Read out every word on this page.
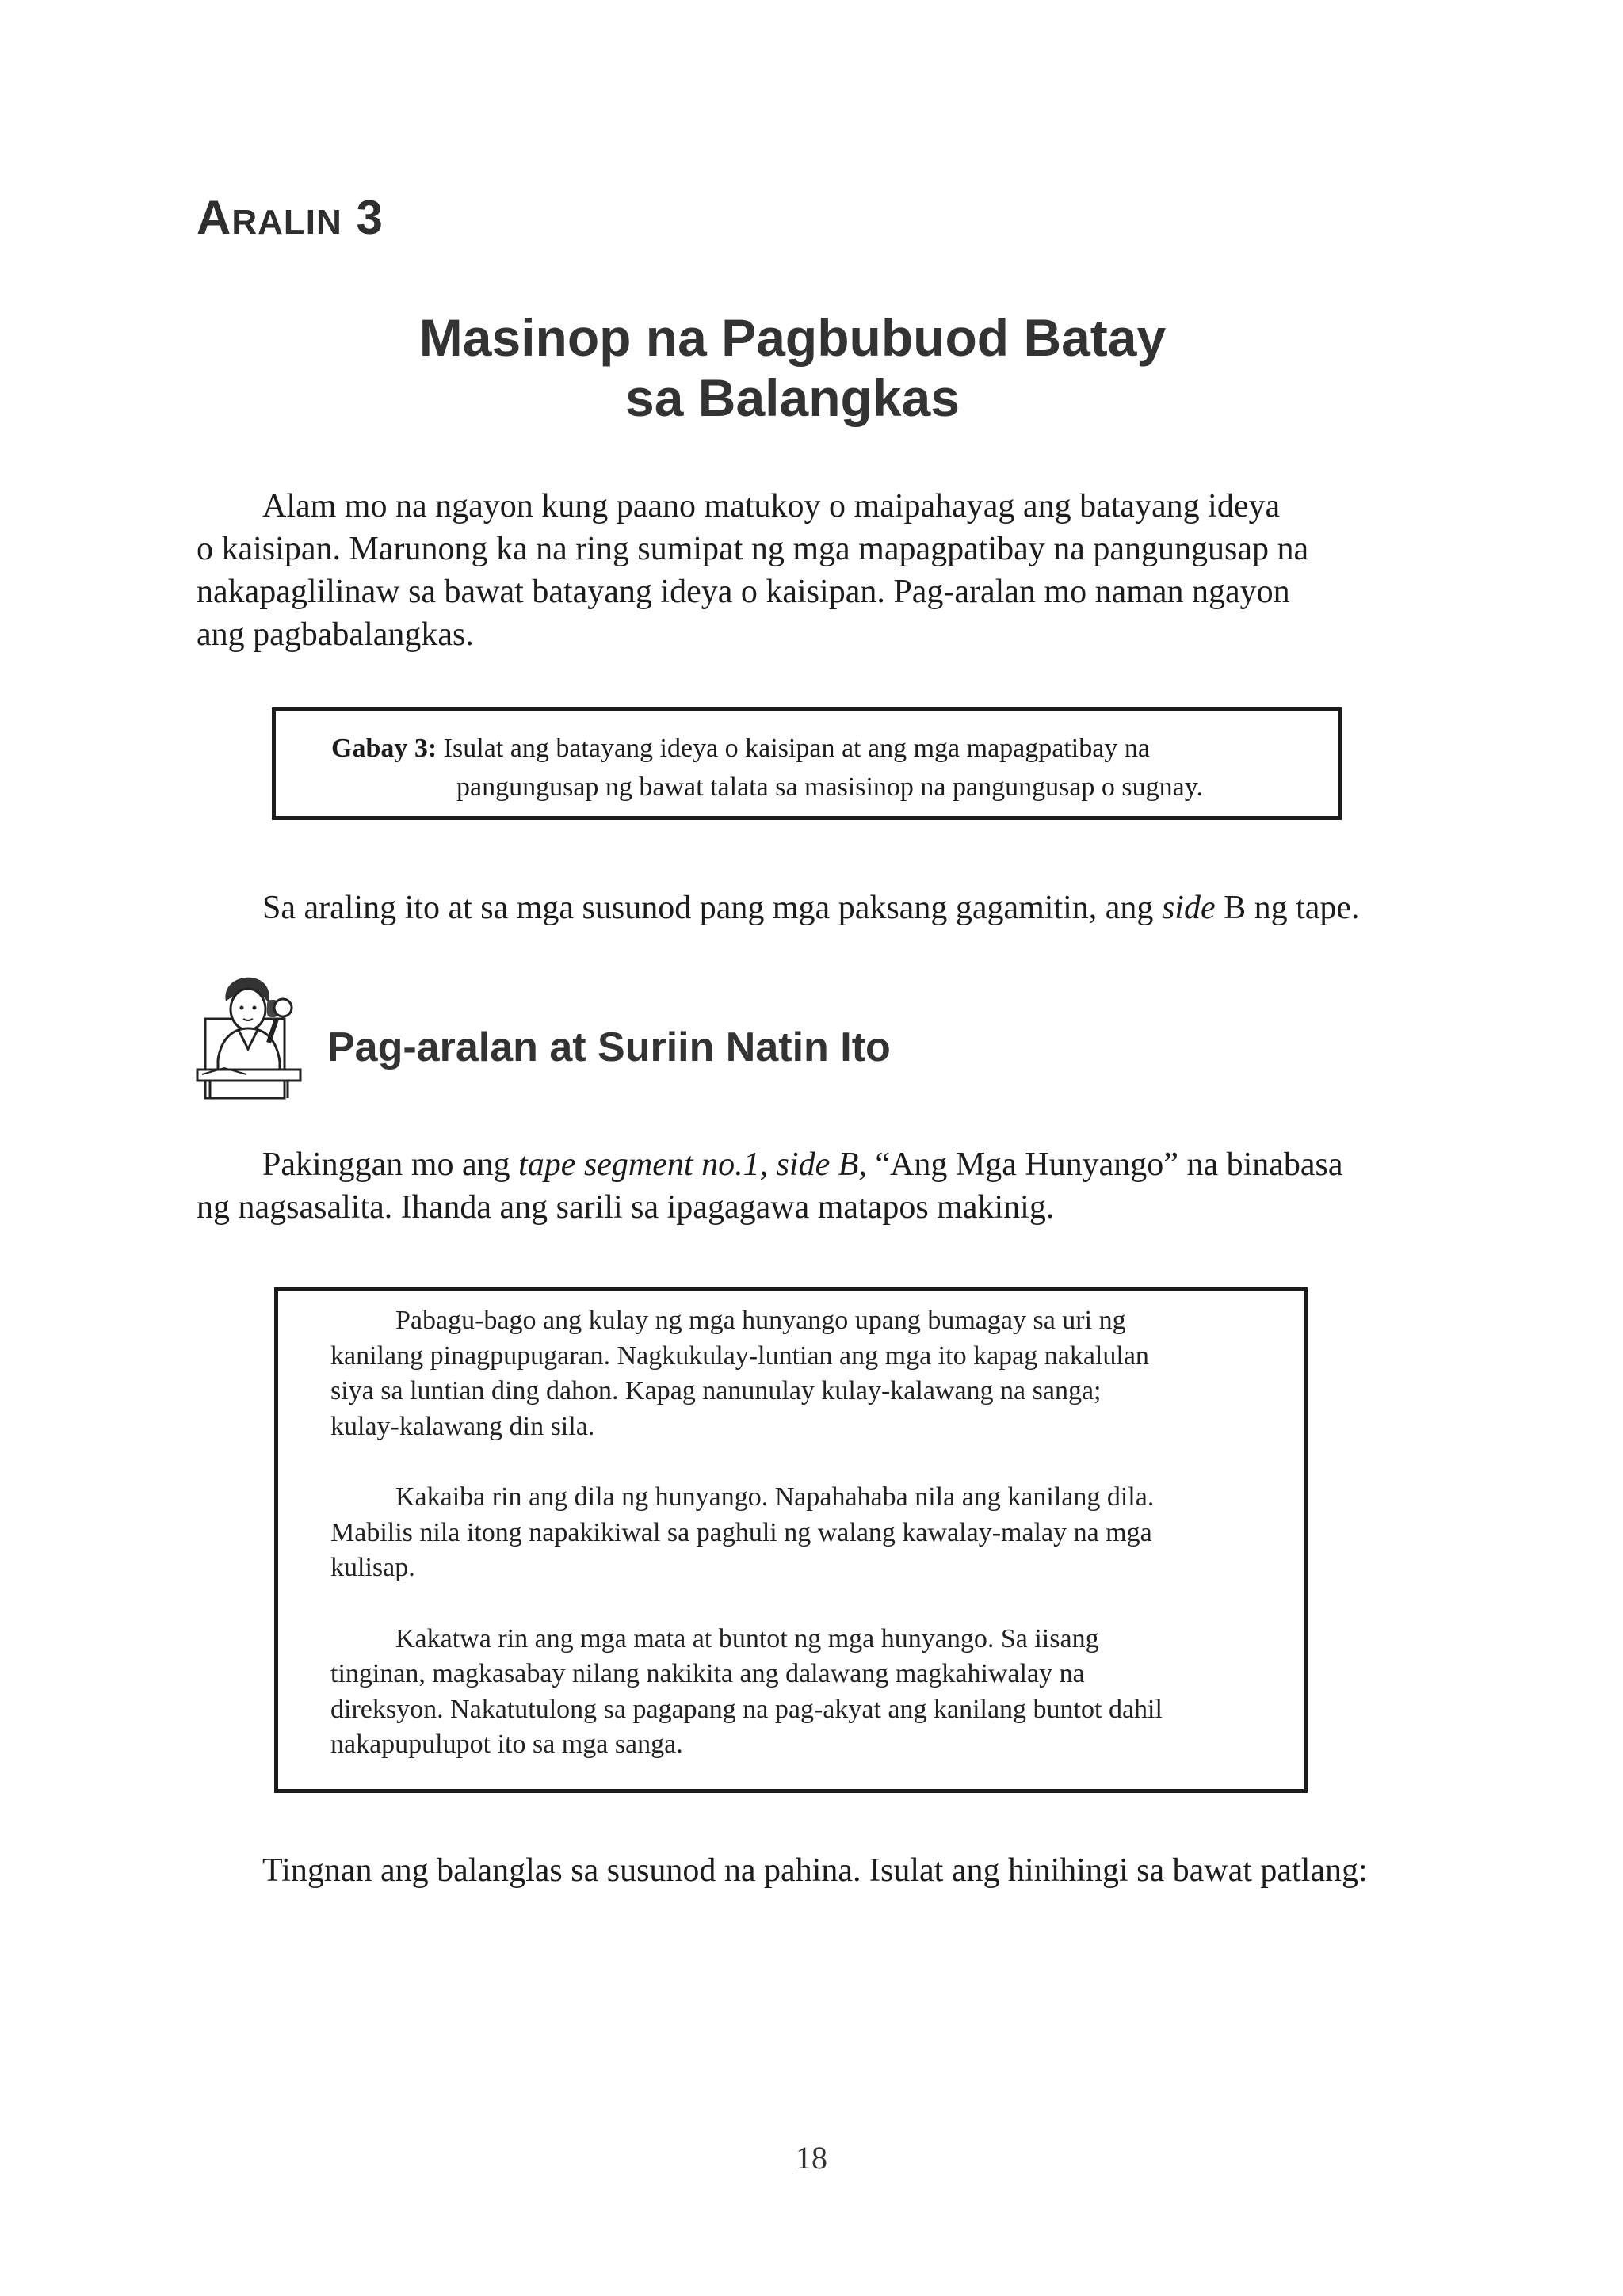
ARALIN 3
Masinop na Pagbubuod Batay
sa Balangkas
Alam mo na ngayon kung paano matukoy o maipahayag ang batayang ideya
o kaisipan. Marunong ka na ring sumipat ng mga mapagpatibay na pangungusap na
nakapaglilinaw sa bawat batayang ideya o kaisipan. Pag-aralan mo naman ngayon
ang pagbabalangkas.
Gabay 3: Isulat ang batayang ideya o kaisipan at ang mga mapagpatibay na
pangungusap ng bawat talata sa masisinop na pangungusap o sugnay.
Sa araling ito at sa mga susunod pang mga paksang gagamitin, ang side B ng tape.
Pag-aralan at Suriin Natin Ito
Pakinggan mo ang tape segment no.1, side B, “Ang Mga Hunyango” na binabasa
ng nagsasalita. Ihanda ang sarili sa ipagagawa matapos makinig.
Pabagu-bago ang kulay ng mga hunyango upang bumagay sa uri ng
kanilang pinagpupugaran. Nagkukulay-luntian ang mga ito kapag nakalulan
siya sa luntian ding dahon. Kapag nanunulay kulay-kalawang na sanga;
kulay-kalawang din sila.
Kakaiba rin ang dila ng hunyango. Napahahaba nila ang kanilang dila.
Mabilis nila itong napakikiwal sa paghuli ng walang kawalay-malay na mga
kulisap.
Kakatwa rin ang mga mata at buntot ng mga hunyango. Sa iisang
tinginan, magkasabay nilang nakikita ang dalawang magkahiwalay na
direksyon. Nakatutulong sa pagapang na pag-akyat ang kanilang buntot dahil
nakapupulupot ito sa mga sanga.
Tingnan ang balanglas sa susunod na pahina. Isulat ang hinihingi sa bawat patlang:
18
